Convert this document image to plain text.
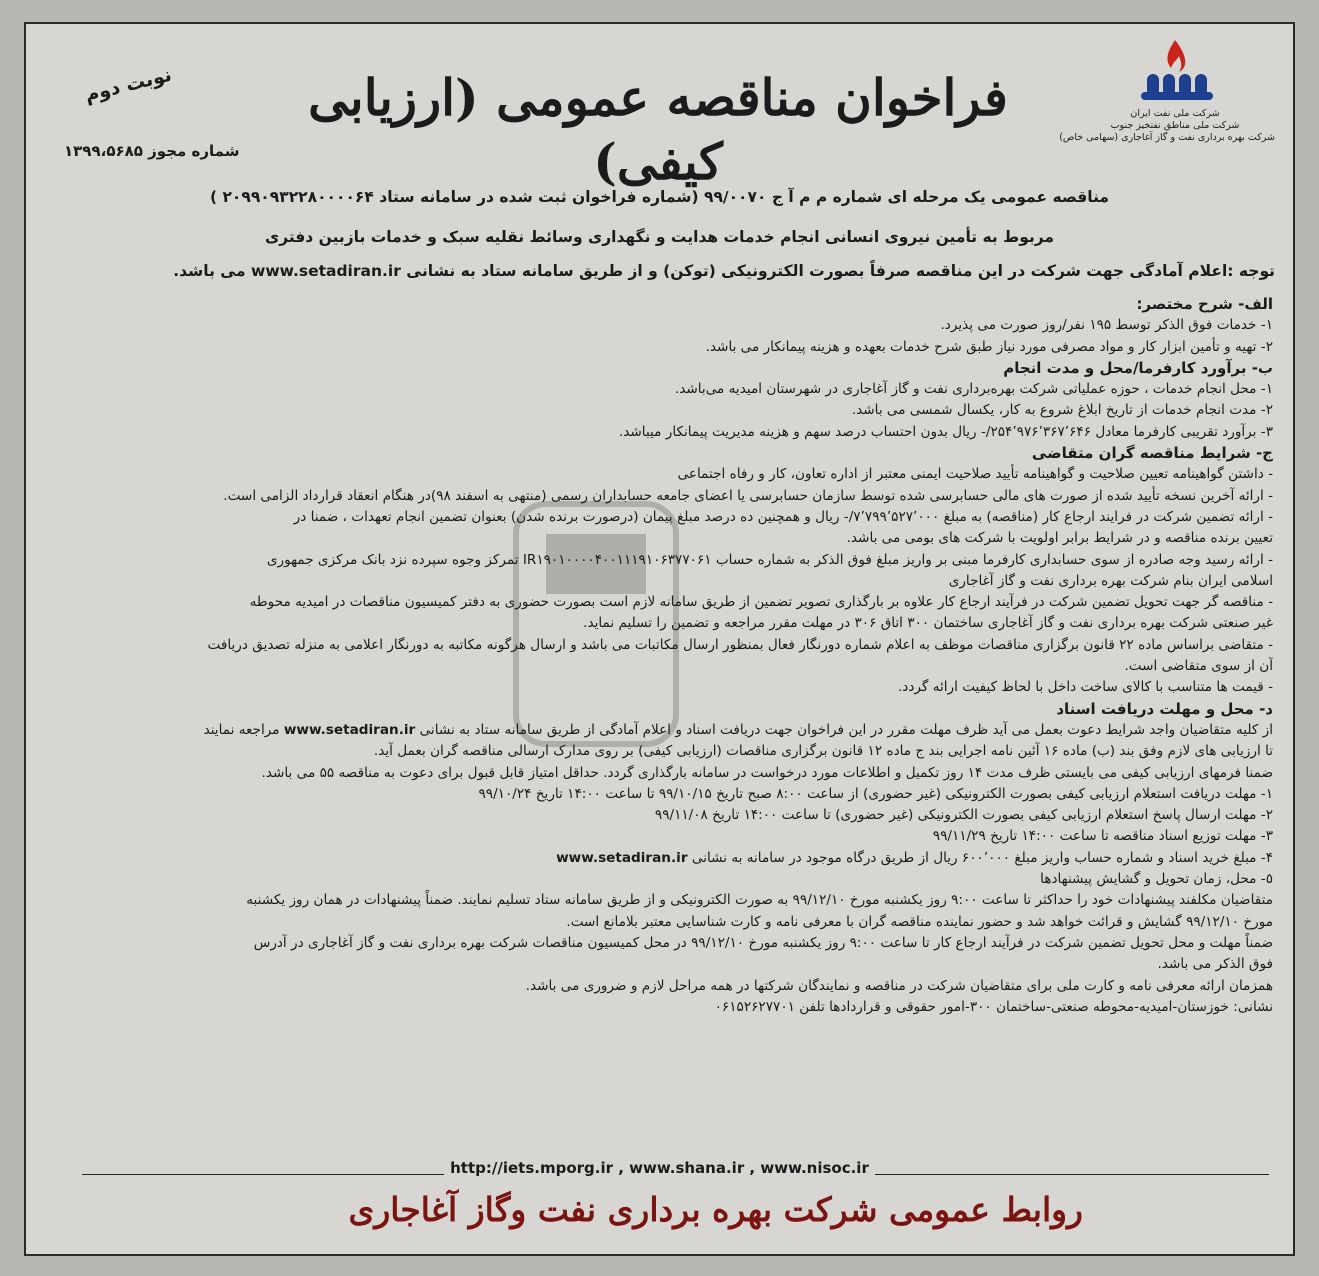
شرکت ملی نفت ایران
شرکت ملی مناطق نفتخیز جنوب
شرکت بهره برداری نفت و گاز آغاجاری (سهامی خاص)
فراخوان مناقصه عمومی (ارزیابی کیفی)
نوبت دوم
شماره مجوز ۱۳۹۹،۵۶۸۵
مناقصه عمومی یک مرحله ای شماره م م آ ج ۹۹/۰۰۷۰ (شماره فراخوان ثبت شده در سامانه ستاد ۲۰۹۹۰۹۳۲۲۸۰۰۰۰۶۴ )
مربوط به تأمین نیروی انسانی انجام خدمات هدایت و نگهداری وسائط نقلیه سبک و خدمات بازبین دفتری
توجه :اعلام آمادگی جهت شرکت در این مناقصه صرفاً بصورت الکترونیکی (توکن) و از طریق سامانه ستاد به نشانی www.setadiran.ir می باشد.

الف- شرح مختصر:

۱- خدمات فوق الذکر توسط ۱۹۵ نفر/روز صورت می پذیرد.

۲- تهیه و تأمین ابزار کار و مواد مصرفی مورد نیاز طبق شرح خدمات بعهده و هزینه پیمانکار می باشد.

ب- برآورد کارفرما/محل و مدت انجام

۱- محل انجام خدمات ، حوزه عملیاتی شرکت بهره‌برداری نفت و گاز آغاجاری در شهرستان امیدیه می‌باشد.

۲- مدت انجام خدمات از تاریخ ابلاغ شروع به کار، یکسال شمسی می باشد.

۳- برآورد تقریبی کارفرما معادل ۲۵۴٬۹۷۶٬۳۶۷٬۶۴۶/- ریال بدون احتساب درصد سهم و هزینه مدیریت پیمانکار میباشد.

ج- شرایط مناقصه گران متقاضی

- داشتن گواهینامه تعیین صلاحیت و گواهینامه تأیید صلاحیت ایمنی معتبر از اداره تعاون، کار و رفاه اجتماعی

- ارائه آخرین نسخه تأیید شده از صورت های مالی حسابرسی شده توسط سازمان حسابرسی یا اعضای جامعه حسابداران رسمی (منتهی به اسفند ۹۸)در هنگام انعقاد قرارداد الزامی است.

- ارائه تضمین شرکت در فرایند ارجاع کار (مناقصه) به مبلغ ۷٬۷۹۹٬۵۲۷٬۰۰۰/- ریال و همچنین ده درصد مبلغ پیمان (درصورت برنده شدن) بعنوان تضمین انجام تعهدات ، ضمنا در

تعیین برنده مناقصه و در شرایط برابر اولویت با شرکت های بومی می باشد.

- ارائه رسید وجه صادره از سوی حسابداری کارفرما مبنی بر واریز مبلغ فوق الذکر به شماره حساب IR۱۹۰۱۰۰۰۰۴۰۰۱۱۱۹۱۰۶۳۷۷۰۶۱ تمرکز وجوه سپرده نزد بانک مرکزی جمهوری

اسلامی ایران بنام شرکت بهره برداری نفت و گاز آغاجاری

- مناقصه گر جهت تحویل تضمین شرکت در فرآیند ارجاع کار علاوه بر بارگذاری تصویر تضمین از طریق سامانه لازم است بصورت حضوری به دفتر کمیسیون مناقصات در امیدیه محوطه

غیر صنعتی شرکت بهره برداری نفت و گاز آغاجاری ساختمان ۳۰۰ اتاق ۳۰۶ در مهلت مقرر مراجعه و تضمین را تسلیم نماید.

- متقاضی براساس ماده ۲۲ قانون برگزاری مناقصات موظف به اعلام شماره دورنگار فعال بمنظور ارسال مکاتبات می باشد و ارسال هرگونه مکاتبه به دورنگار اعلامی به منزله تصدیق دریافت

آن از سوی متقاضی است.

- قیمت ها متناسب با کالای ساخت داخل با لحاظ کیفیت ارائه گردد.

د- محل و مهلت دریافت اسناد

از کلیه متقاضیان واجد شرایط دعوت بعمل می آید ظرف مهلت مقرر در این فراخوان جهت دریافت اسناد و اعلام آمادگی از طریق سامانه ستاد به نشانی www.setadiran.ir مراجعه نمایند

تا ارزیابی های لازم وفق بند (ب) ماده ۱۶ آئین نامه اجرایی بند ج ماده ۱۲ قانون برگزاری مناقصات (ارزیابی کیفی) بر روی مدارک ارسالی مناقصه گران بعمل آید.

ضمنا فرمهای ارزیابی کیفی می بایستی ظرف مدت ۱۴ روز تکمیل و اطلاعات مورد درخواست در سامانه بارگذاری گردد. حداقل امتیاز قابل قبول برای دعوت به مناقصه ۵۵ می باشد.

۱- مهلت دریافت استعلام ارزیابی کیفی بصورت الکترونیکی (غیر حضوری) از ساعت ۸:۰۰ صبح تاریخ ۹۹/۱۰/۱۵ تا ساعت ۱۴:۰۰ تاریخ ۹۹/۱۰/۲۴

۲- مهلت ارسال پاسخ استعلام ارزیابی کیفی بصورت الکترونیکی (غیر حضوری) تا ساعت ۱۴:۰۰ تاریخ ۹۹/۱۱/۰۸

۳- مهلت توزیع اسناد مناقصه تا ساعت ۱۴:۰۰ تاریخ ۹۹/۱۱/۲۹

۴- مبلغ خرید اسناد و شماره حساب واریز مبلغ ۶۰۰٬۰۰۰ ریال از طریق درگاه موجود در سامانه به نشانی www.setadiran.ir

٥- محل، زمان تحویل و گشایش پیشنهادها

متقاضیان مکلفند پیشنهادات خود را حداکثر تا ساعت ۹:۰۰ روز یکشنبه مورخ ۹۹/۱۲/۱۰ به صورت الکترونیکی و از طریق سامانه ستاد تسلیم نمایند. ضمناً پیشنهادات در همان روز یکشنبه

مورخ ۹۹/۱۲/۱۰ گشایش و قرائت خواهد شد و حضور نماینده مناقصه گران با معرفی نامه و کارت شناسایی معتبر بلامانع است.

ضمناً مهلت و محل تحویل تضمین شرکت در فرآیند ارجاع کار تا ساعت ۹:۰۰ روز یکشنبه مورخ ۹۹/۱۲/۱۰ در محل کمیسیون مناقصات شرکت بهره برداری نفت و گاز آغاجاری در آدرس

فوق الذکر می باشد.

همزمان ارائه معرفی نامه و کارت ملی برای متقاضیان شرکت در مناقصه و نمایندگان شرکتها در همه مراحل لازم و ضروری می باشد.

نشانی: خوزستان-امیدیه-محوطه صنعتی-ساختمان ۳۰۰-امور حقوقی و قراردادها تلفن ۰۶۱۵۲۶۲۷۷۰۱

http://iets.mporg.ir , www.shana.ir , www.nisoc.ir
روابط عمومی شرکت بهره برداری نفت وگاز آغاجاری
